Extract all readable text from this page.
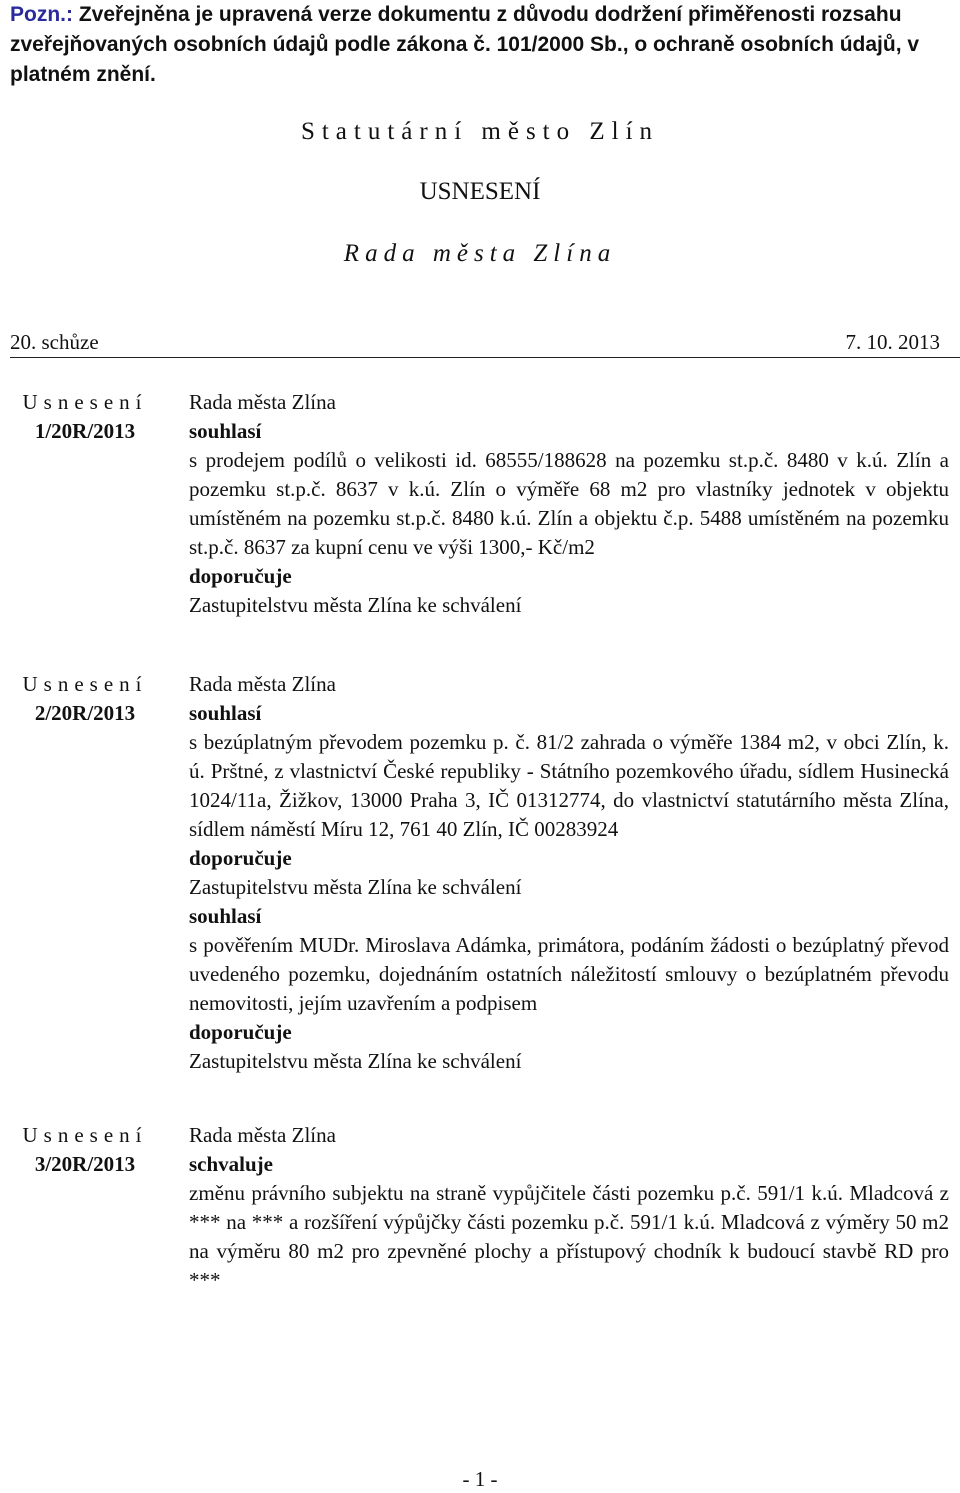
Pozn.: Zveřejněna je upravená verze dokumentu z důvodu dodržení přiměřenosti rozsahu zveřejňovaných osobních údajů podle zákona č. 101/2000 Sb., o ochraně osobních údajů, v platném znění.
Statutární město Zlín
USNESENÍ
Rada města Zlína
20. schůze	7. 10. 2013
Usnesení
1/20R/2013
Rada města Zlína
souhlasí
s prodejem podílů o velikosti id. 68555/188628 na pozemku st.p.č. 8480 v k.ú. Zlín a pozemku st.p.č. 8637 v k.ú. Zlín o výměře 68 m2 pro vlastníky jednotek v objektu umístěném na pozemku st.p.č. 8480 k.ú. Zlín a objektu č.p. 5488 umístěném na pozemku st.p.č. 8637 za kupní cenu ve výši 1300,- Kč/m2
doporučuje
Zastupitelstvu města Zlína ke schválení
Usnesení
2/20R/2013
Rada města Zlína
souhlasí
s bezúplatným převodem pozemku p. č. 81/2 zahrada o výměře 1384 m2, v obci Zlín, k. ú. Prštné, z vlastnictví České republiky - Státního pozemkového úřadu, sídlem Husinecká 1024/11a, Žižkov, 13000 Praha 3, IČ 01312774, do vlastnictví statutárního města Zlína, sídlem náměstí Míru 12, 761 40 Zlín, IČ 00283924
doporučuje
Zastupitelstvu města Zlína ke schválení
souhlasí
s pověřením MUDr. Miroslava Adámka, primátora, podáním žádosti o bezúplatný převod uvedeného pozemku, dojednáním ostatních náležitostí smlouvy o bezúplatném převodu nemovitosti, jejím uzavřením a podpisem
doporučuje
Zastupitelstvu města Zlína ke schválení
Usnesení
3/20R/2013
Rada města Zlína
schvaluje
změnu právního subjektu na straně vypůjčitele části pozemku p.č. 591/1 k.ú. Mladcová z *** na *** a rozšíření výpůjčky části pozemku p.č. 591/1 k.ú. Mladcová z výměry 50 m2 na výměru 80 m2 pro zpevněné plochy a přístupový chodník k budoucí stavbě RD pro ***
- 1 -
